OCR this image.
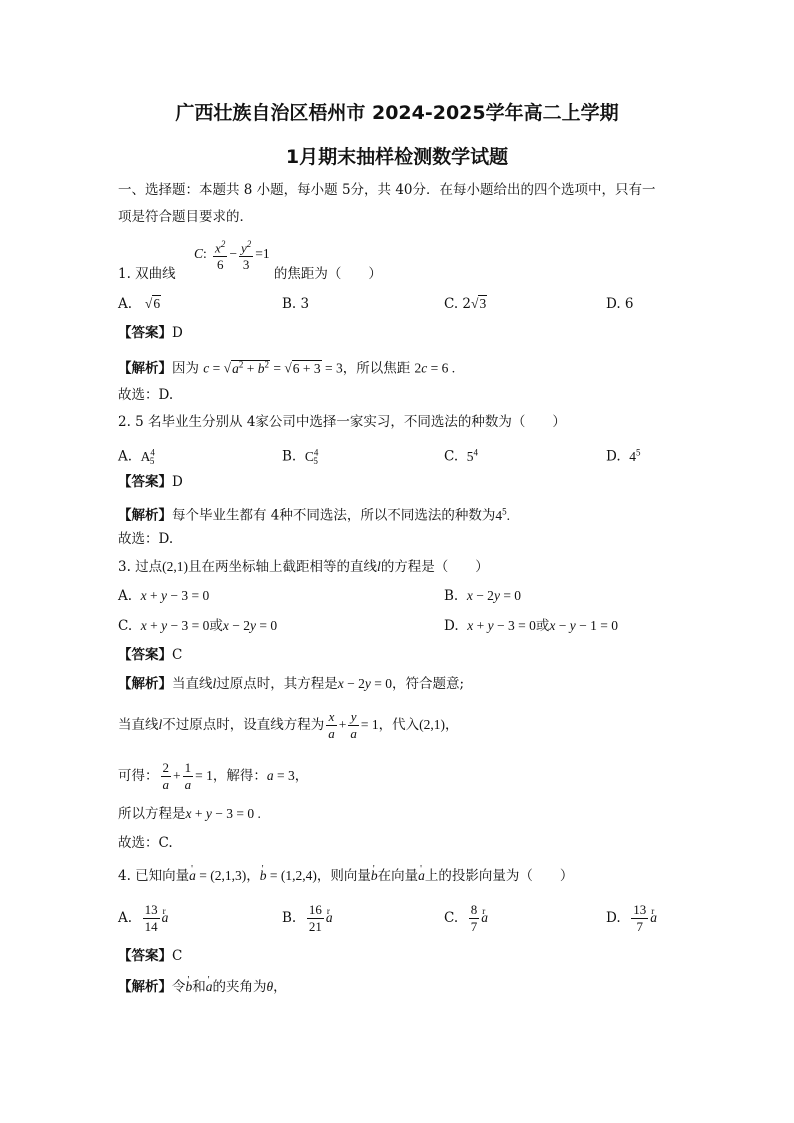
广西壮族自治区梧州市 2024-2025学年高二上学期
1月期末抽样检测数学试题
一、选择题：本题共 8 小题，每小题 5分，共 40分．在每小题给出的四个选项中，只有一
项是符合题目要求的．
1. 双曲线 C: $\frac{x^2}{6} - \frac{y^2}{3} =1$ 的焦距为（　　）
A. √6	B. 3	C. 2√3	D. 6
【答案】D
【解析】因为 $c = √a^2 + b^2 = √6 + 3 = 3$，所以焦距 2c = 6 .
故选：D.
2. 5 名毕业生分别从 4家公司中选择一家实习，不同选法的种数为（　　）
A. $A^4_5$	B. $C^4_5$	C. $5^4$	D. $4^5$
【答案】D
【解析】每个毕业生都有 4种不同选法，所以不同选法的种数为$4^5$.
故选：D.
3. 过点(2,1)且在两坐标轴上截距相等的直线l的方程是（　　）
A. x + y − 3 = 0	B. x − 2y = 0
C. x + y − 3 = 0或x − 2y = 0	D. x + y − 3 = 0或x − y − 1 = 0
【答案】C
【解析】当直线l过原点时，其方程是x − 2y = 0，符合题意;
当直线l不过原点时，设直线方程为 $\frac{x}{a} + \frac{y}{a} = 1$，代入(2,1)，
可得： $\frac{2}{a} + \frac{1}{a} = 1$，解得：a = 3，
所以方程是x + y − 3 = 0 .
故选：C.
4. 已知向量' a = (2,1,3)，' b = (1,2,4)，则向量' b在向量' a上的投影向量为（　　）
A. $\frac{13}{14}$ r a	B. $\frac{16}{21}$ r a	C. $\frac{8}{7}$ r a	D. $\frac{13}{7}$ r a
【答案】C
【解析】令' b和' a的夹角为θ，
